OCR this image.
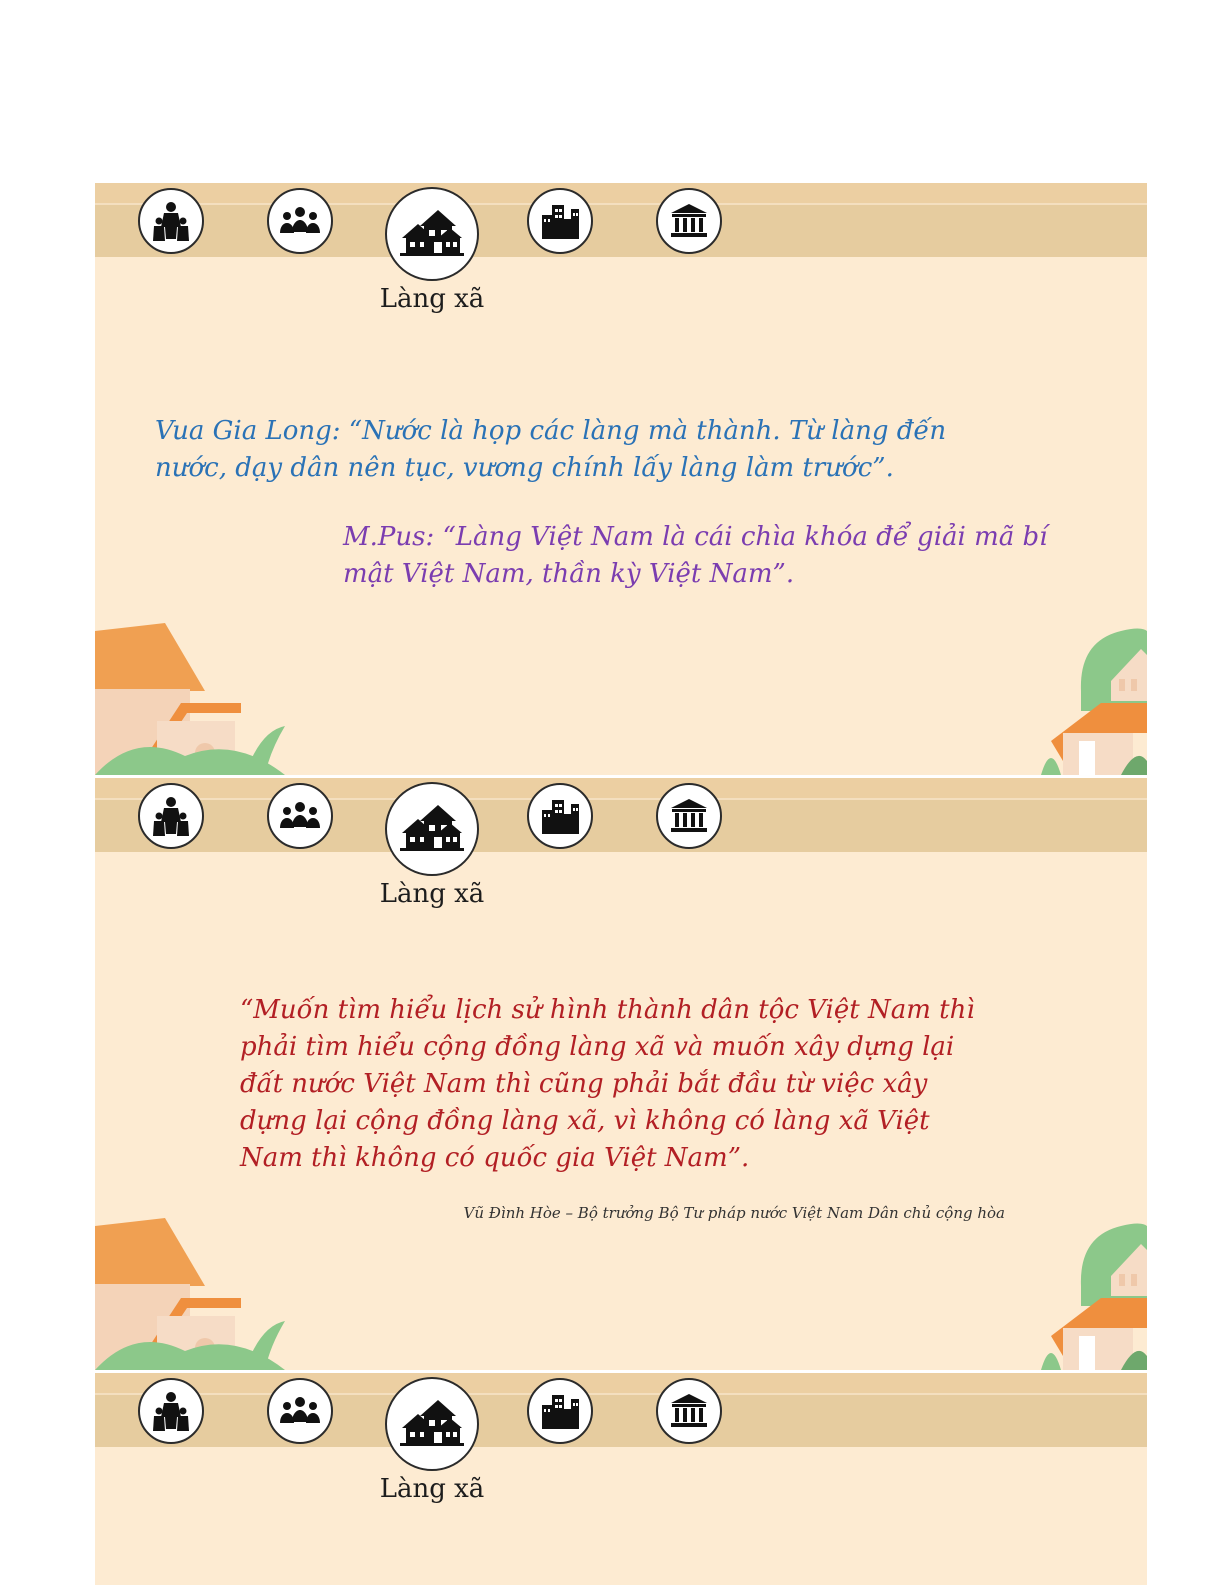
Làng xã

Vua Gia Long: “Nước là họp các làng mà thành. Từ làng đến
nước, dạy dân nên tục, vương chính lấy làng làm trước”.

M.Pus: “Làng Việt Nam là cái chìa khóa để giải mã bí
mật Việt Nam, thần kỳ Việt Nam”.

Làng xã

“Muốn tìm hiểu lịch sử hình thành dân tộc Việt Nam thì
phải tìm hiểu cộng đồng làng xã và muốn xây dựng lại
đất nước Việt Nam thì cũng phải bắt đầu từ việc xây
dựng lại cộng đồng làng xã, vì không có làng xã Việt
Nam thì không có quốc gia Việt Nam”.

Vũ Đình Hòe – Bộ trưởng Bộ Tư pháp nước Việt Nam Dân chủ cộng hòa
Làng xã
